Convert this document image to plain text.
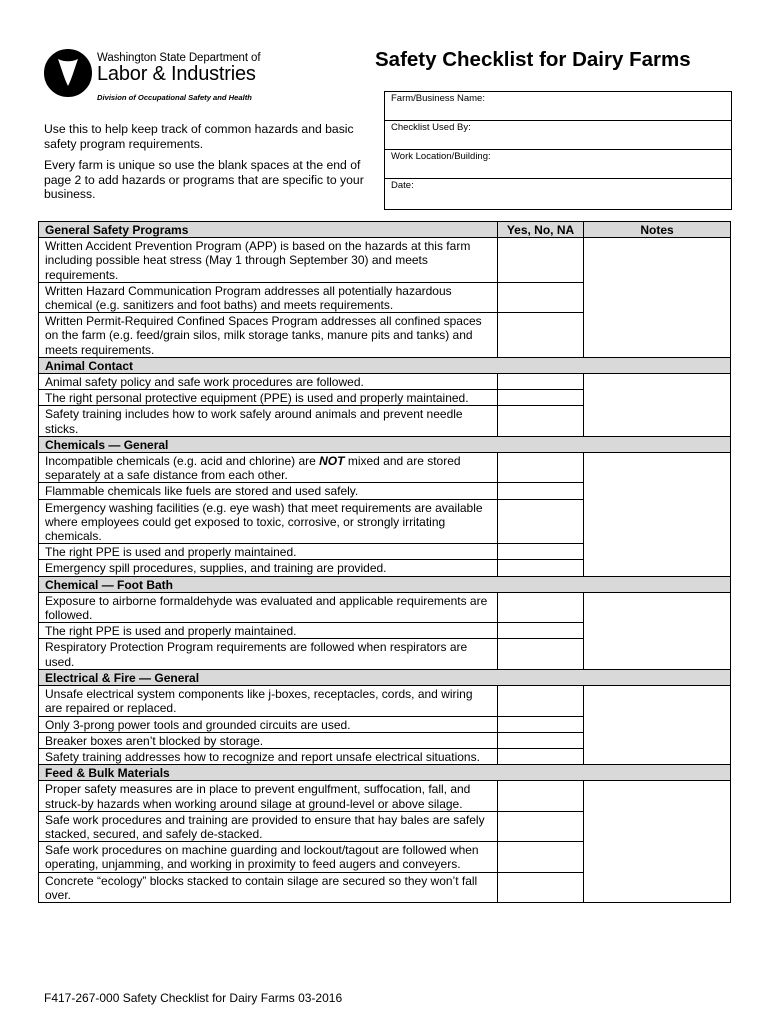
Washington State Department of
Labor & Industries
Division of Occupational Safety and Health
Safety Checklist for Dairy Farms
Farm/Business Name:
Checklist Used By:
Work Location/Building:
Date:

Use this to help keep track of common hazards and basic safety program requirements.

Every farm is unique so use the blank spaces at the end of page 2 to add hazards or programs that are specific to your business.

General Safety Programs	Yes, No, NA	Notes
Written Accident Prevention Program (APP) is based on the hazards at this farm including possible heat stress (May 1 through September 30) and meets requirements.		
Written Hazard Communication Program addresses all potentially hazardous chemical (e.g. sanitizers and foot baths) and meets requirements.		
Written Permit-Required Confined Spaces Program addresses all confined spaces on the farm (e.g. feed/grain silos, milk storage tanks, manure pits and tanks) and meets requirements.		
Animal Contact		
Animal safety policy and safe work procedures are followed.		
The right personal protective equipment (PPE) is used and properly maintained.		
Safety training includes how to work safely around animals and prevent needle sticks.		
Chemicals — General		
Incompatible chemicals (e.g. acid and chlorine) are NOT mixed and are stored separately at a safe distance from each other.		
Flammable chemicals like fuels are stored and used safely.		
Emergency washing facilities (e.g. eye wash) that meet requirements are available where employees could get exposed to toxic, corrosive, or strongly irritating chemicals.		
The right PPE is used and properly maintained.		
Emergency spill procedures, supplies, and training are provided.		
Chemical — Foot Bath		
Exposure to airborne formaldehyde was evaluated and applicable requirements are followed.		
The right PPE is used and properly maintained.		
Respiratory Protection Program requirements are followed when respirators are used.		
Electrical & Fire — General		
Unsafe electrical system components like j-boxes, receptacles, cords, and wiring are repaired or replaced.		
Only 3-prong power tools and grounded circuits are used.		
Breaker boxes aren’t blocked by storage.		
Safety training addresses how to recognize and report unsafe electrical situations.		
Feed & Bulk Materials		
Proper safety measures are in place to prevent engulfment, suffocation, fall, and struck-by hazards when working around silage at ground-level or above silage.		
Safe work procedures and training are provided to ensure that hay bales are safely stacked, secured, and safely de-stacked.		
Safe work procedures on machine guarding and lockout/tagout are followed when operating, unjamming, and working in proximity to feed augers and conveyers.		
Concrete “ecology” blocks stacked to contain silage are secured so they won’t fall over.		
F417-267-000 Safety Checklist for Dairy Farms 03-2016
